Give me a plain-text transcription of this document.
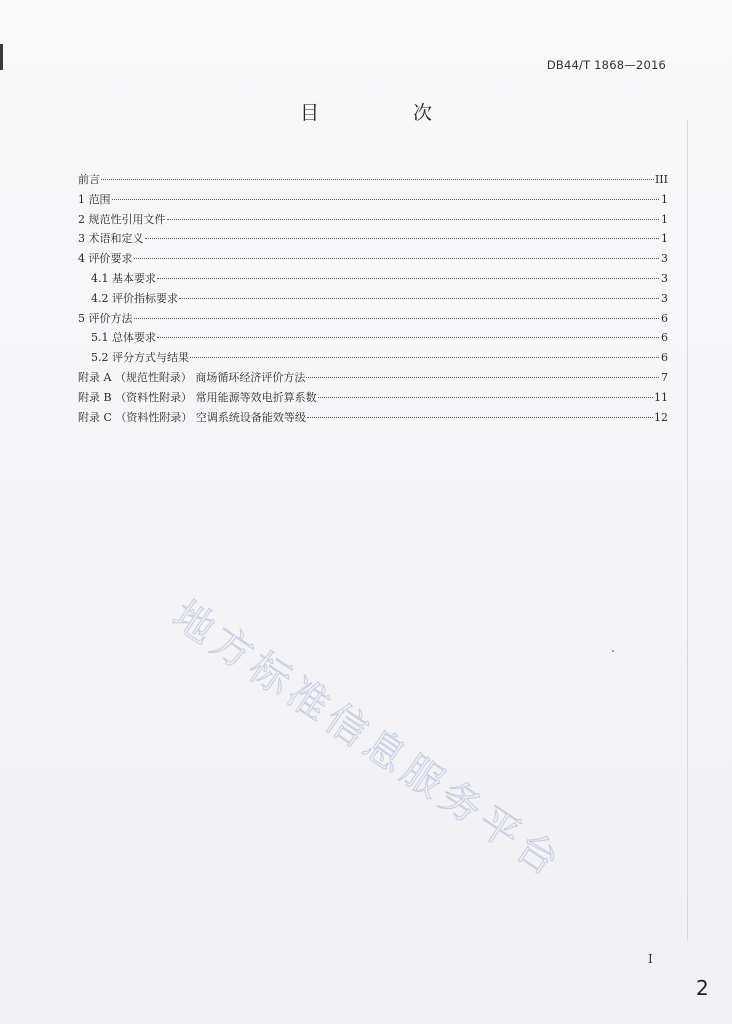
DB44/T 1868—2016
目 次
前言	III
1 范围	1
2 规范性引用文件	1
3 术语和定义	1
4 评价要求	3
4.1 基本要求	3
4.2 评价指标要求	3
5 评价方法	6
5.1 总体要求	6
5.2 评分方式与结果	6
附录 A （规范性附录） 商场循环经济评价方法	7
附录 B （资料性附录） 常用能源等效电折算系数	11
附录 C （资料性附录） 空调系统设备能效等级	12
地方标准信息服务平台
I
2
